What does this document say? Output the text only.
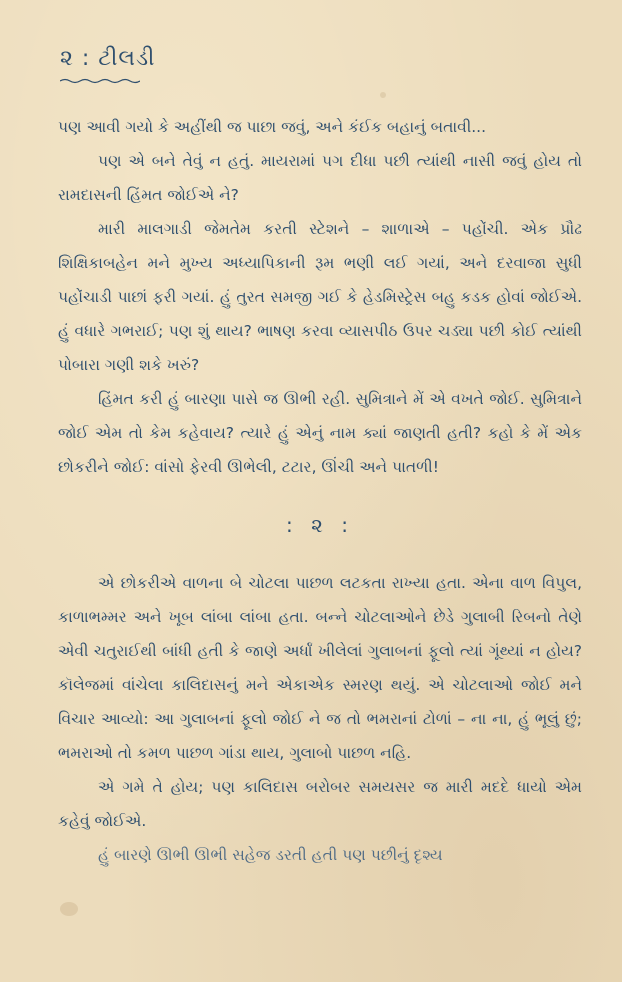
૨ : ટીલડી

પણ આવી ગયો કે અહીંથી જ પાછા જવું, અને કંઈક બહાનું બતાવી...

પણ એ બને તેવું ન હતું. માયરામાં પગ દીધા પછી ત્યાંથી નાસી જવું હોય તો રામદાસની હિંમત જોઈએ ને?

મારી માલગાડી જેમતેમ કરતી સ્ટેશને – શાળાએ – પહોંચી. એક પ્રૌઢ શિક્ષિકાબહેન મને મુખ્ય અધ્યાપિકાની રૂમ ભણી લઈ ગયાં, અને દરવાજા સુધી પહોંચાડી પાછાં ફરી ગયાં. હું તુરત સમજી ગઈ કે હેડમિસ્ટ્રેસ બહુ કડક હોવાં જોઈએ. હું વધારે ગભરાઈ; પણ શું થાય? ભાષણ કરવા વ્યાસપીઠ ઉપર ચડ્યા પછી કોઈ ત્યાંથી પોબારા ગણી શકે ખરું?

હિંમત કરી હું બારણા પાસે જ ઊભી રહી. સુમિત્રાને મેં એ વખતે જોઈ. સુમિત્રાને જોઈ એમ તો કેમ કહેવાય? ત્યારે હું એનું નામ ક્યાં જાણતી હતી? કહો કે મેં એક છોકરીને જોઈ: વાંસો ફેરવી ઊભેલી, ટટાર, ઊંચી અને પાતળી!

: ૨ :

એ છોકરીએ વાળના બે ચોટલા પાછળ લટકતા રાખ્યા હતા. એના વાળ વિપુલ, કાળાભમ્મર અને ખૂબ લાંબા લાંબા હતા. બન્ને ચોટલાઓને છેડે ગુલાબી રિબનો તેણે એવી ચતુરાઈથી બાંધી હતી કે જાણે અર્ધાં ખીલેલાં ગુલાબનાં ફૂલો ત્યાં ગૂંથ્યાં ન હોય? કૉલેજમાં વાંચેલા કાલિદાસનું મને એકાએક સ્મરણ થયું. એ ચોટલાઓ જોઈ મને વિચાર આવ્યો: આ ગુલાબનાં ફૂલો જોઈ ને જ તો ભમરાનાં ટોળાં – ના ના, હું ભૂલું છું; ભમરાઓ તો કમળ પાછળ ગાંડા થાય, ગુલાબો પાછળ નહિ.

એ ગમે તે હોય; પણ કાલિદાસ બરોબર સમયસર જ મારી મદદે ધાયો એમ કહેવું જોઈએ.

હું બારણે ઊભી ઊભી સહેજ ડરતી હતી પણ પછીનું દૃશ્ય
